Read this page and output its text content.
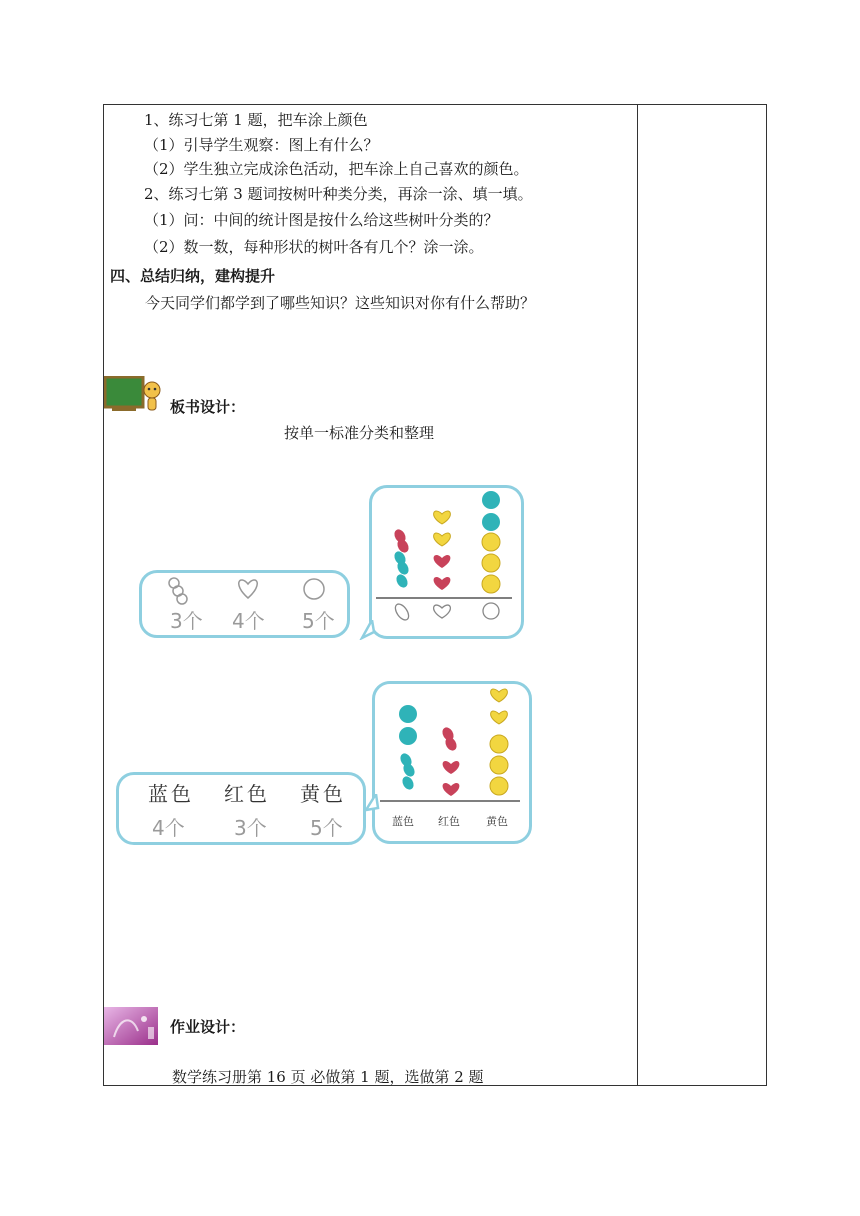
1、练习七第 1 题，把车涂上颜色
（1）引导学生观察：图上有什么？
（2）学生独立完成涂色活动，把车涂上自己喜欢的颜色。
2、练习七第 3 题词按树叶种类分类，再涂一涂、填一填。
（1）问：中间的统计图是按什么给这些树叶分类的？
（2）数一数，每种形状的树叶各有几个？涂一涂。
四、总结归纳，建构提升
今天同学们都学到了哪些知识？这些知识对你有什么帮助？
板书设计：
按单一标准分类和整理
3个 4个 5个
蓝色 红色 黄色
4个 3个 5个	蓝色 红色 黄色
作业设计：
数学练习册第 16 页 必做第 1 题，选做第 2 题
